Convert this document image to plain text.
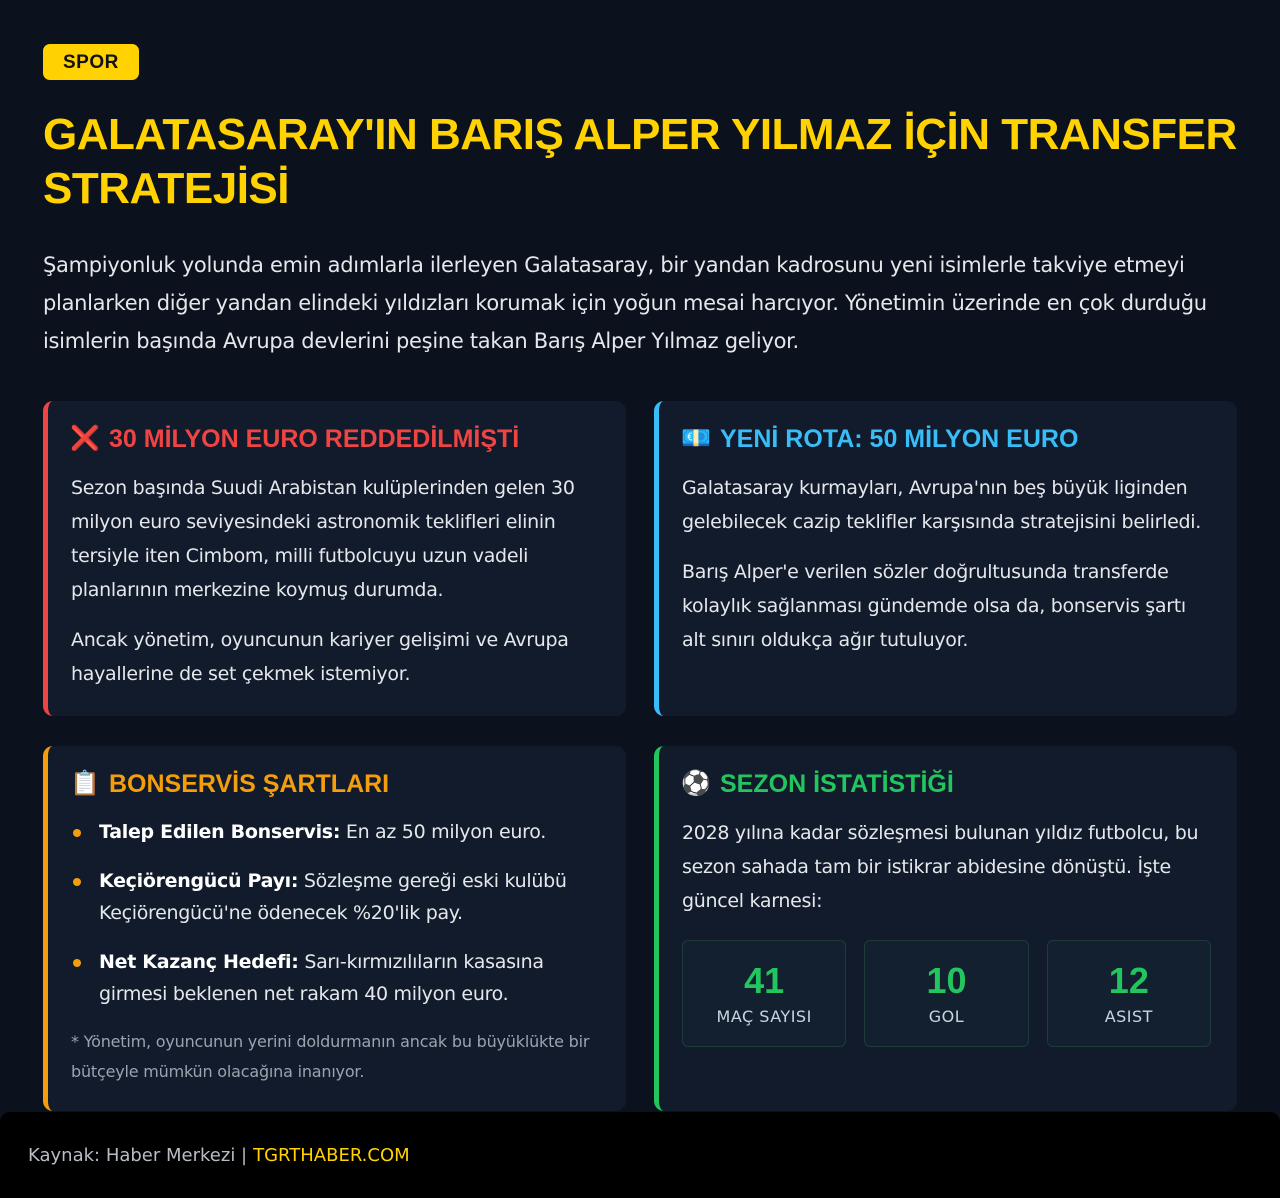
SPOR
GALATASARAY'IN BARIŞ ALPER YILMAZ İÇİN TRANSFER STRATEJİSİ

Şampiyonluk yolunda emin adımlarla ilerleyen Galatasaray, bir yandan kadrosunu yeni isimlerle takviye etmeyi planlarken diğer yandan elindeki yıldızları korumak için yoğun mesai harcıyor. Yönetimin üzerinde en çok durduğu isimlerin başında Avrupa devlerini peşine takan Barış Alper Yılmaz geliyor.

❌ 30 MİLYON EURO REDDEDİLMİŞTİ

Sezon başında Suudi Arabistan kulüplerinden gelen 30 milyon euro seviyesindeki astronomik teklifleri elinin tersiyle iten Cimbom, milli futbolcuyu uzun vadeli planlarının merkezine koymuş durumda.

Ancak yönetim, oyuncunun kariyer gelişimi ve Avrupa hayallerine de set çekmek istemiyor.

💶 YENİ ROTA: 50 MİLYON EURO

Galatasaray kurmayları, Avrupa'nın beş büyük liginden gelebilecek cazip teklifler karşısında stratejisini belirledi.

Barış Alper'e verilen sözler doğrultusunda transferde kolaylık sağlanması gündemde olsa da, bonservis şartı alt sınırı oldukça ağır tutuluyor.

📋 BONSERVİS ŞARTLARI
Talep Edilen Bonservis: En az 50 milyon euro.
Keçiörengücü Payı: Sözleşme gereği eski kulübü Keçiörengücü'ne ödenecek %20'lik pay.
Net Kazanç Hedefi: Sarı-kırmızılıların kasasına girmesi beklenen net rakam 40 milyon euro.
* Yönetim, oyuncunun yerini doldurmanın ancak bu büyüklükte bir bütçeyle mümkün olacağına inanıyor.
⚽ SEZON İSTATİSTİĞİ

2028 yılına kadar sözleşmesi bulunan yıldız futbolcu, bu sezon sahada tam bir istikrar abidesine dönüştü. İşte güncel karnesi:

41
MAÇ SAYISI
10
GOL
12
ASIST
Kaynak: Haber Merkezi | TGRTHABER.COM
